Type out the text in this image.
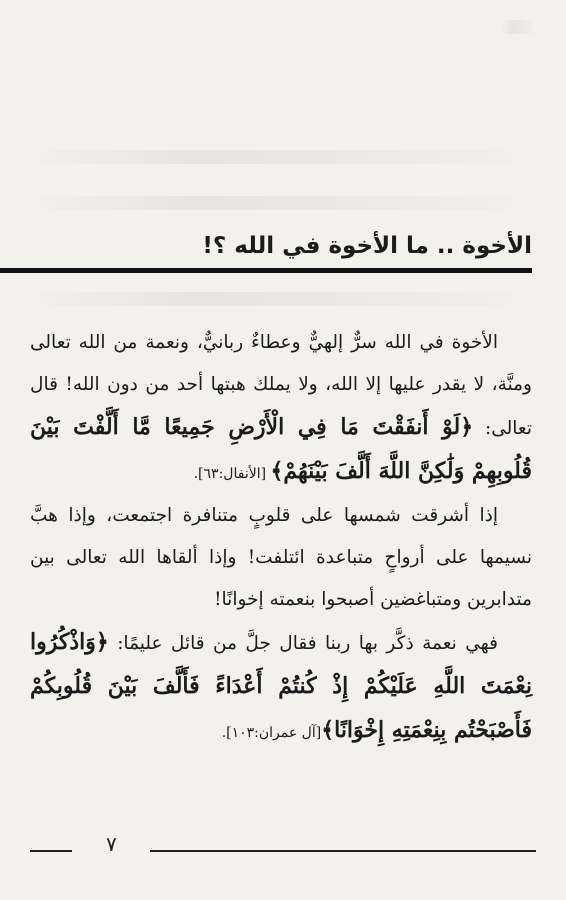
الأخوة .. ما الأخوة في الله ؟!

الأخوة في الله سرٌّ إلهيٌّ وعطاءٌ ربانيٌّ، ونعمة من الله تعالى ومنَّة، لا يقدر عليها إلا الله، ولا يملك هبتها أحد من دون الله! قال تعالى: ﴿لَوْ أَنفَقْتَ مَا فِي الْأَرْضِ جَمِيعًا مَّا أَلَّفْتَ بَيْنَ قُلُوبِهِمْ وَلَٰكِنَّ اللَّهَ أَلَّفَ بَيْنَهُمْ﴾ [الأنفال:٦٣].

إذا أشرقت شمسها على قلوبٍ متنافرة اجتمعت، وإذا هبَّ نسيمها على أرواحٍ متباعدة ائتلفت! وإذا ألقاها الله تعالى بين متدابرين ومتباغضين أصبحوا بنعمته إخوانًا!

فهي نعمة ذكَّر بها ربنا فقال جلَّ من قائل عليمًا: ﴿وَاذْكُرُوا نِعْمَتَ اللَّهِ عَلَيْكُمْ إِذْ كُنتُمْ أَعْدَاءً فَأَلَّفَ بَيْنَ قُلُوبِكُمْ فَأَصْبَحْتُم بِنِعْمَتِهِ إِخْوَانًا﴾[آل عمران:١٠٣].

٧
